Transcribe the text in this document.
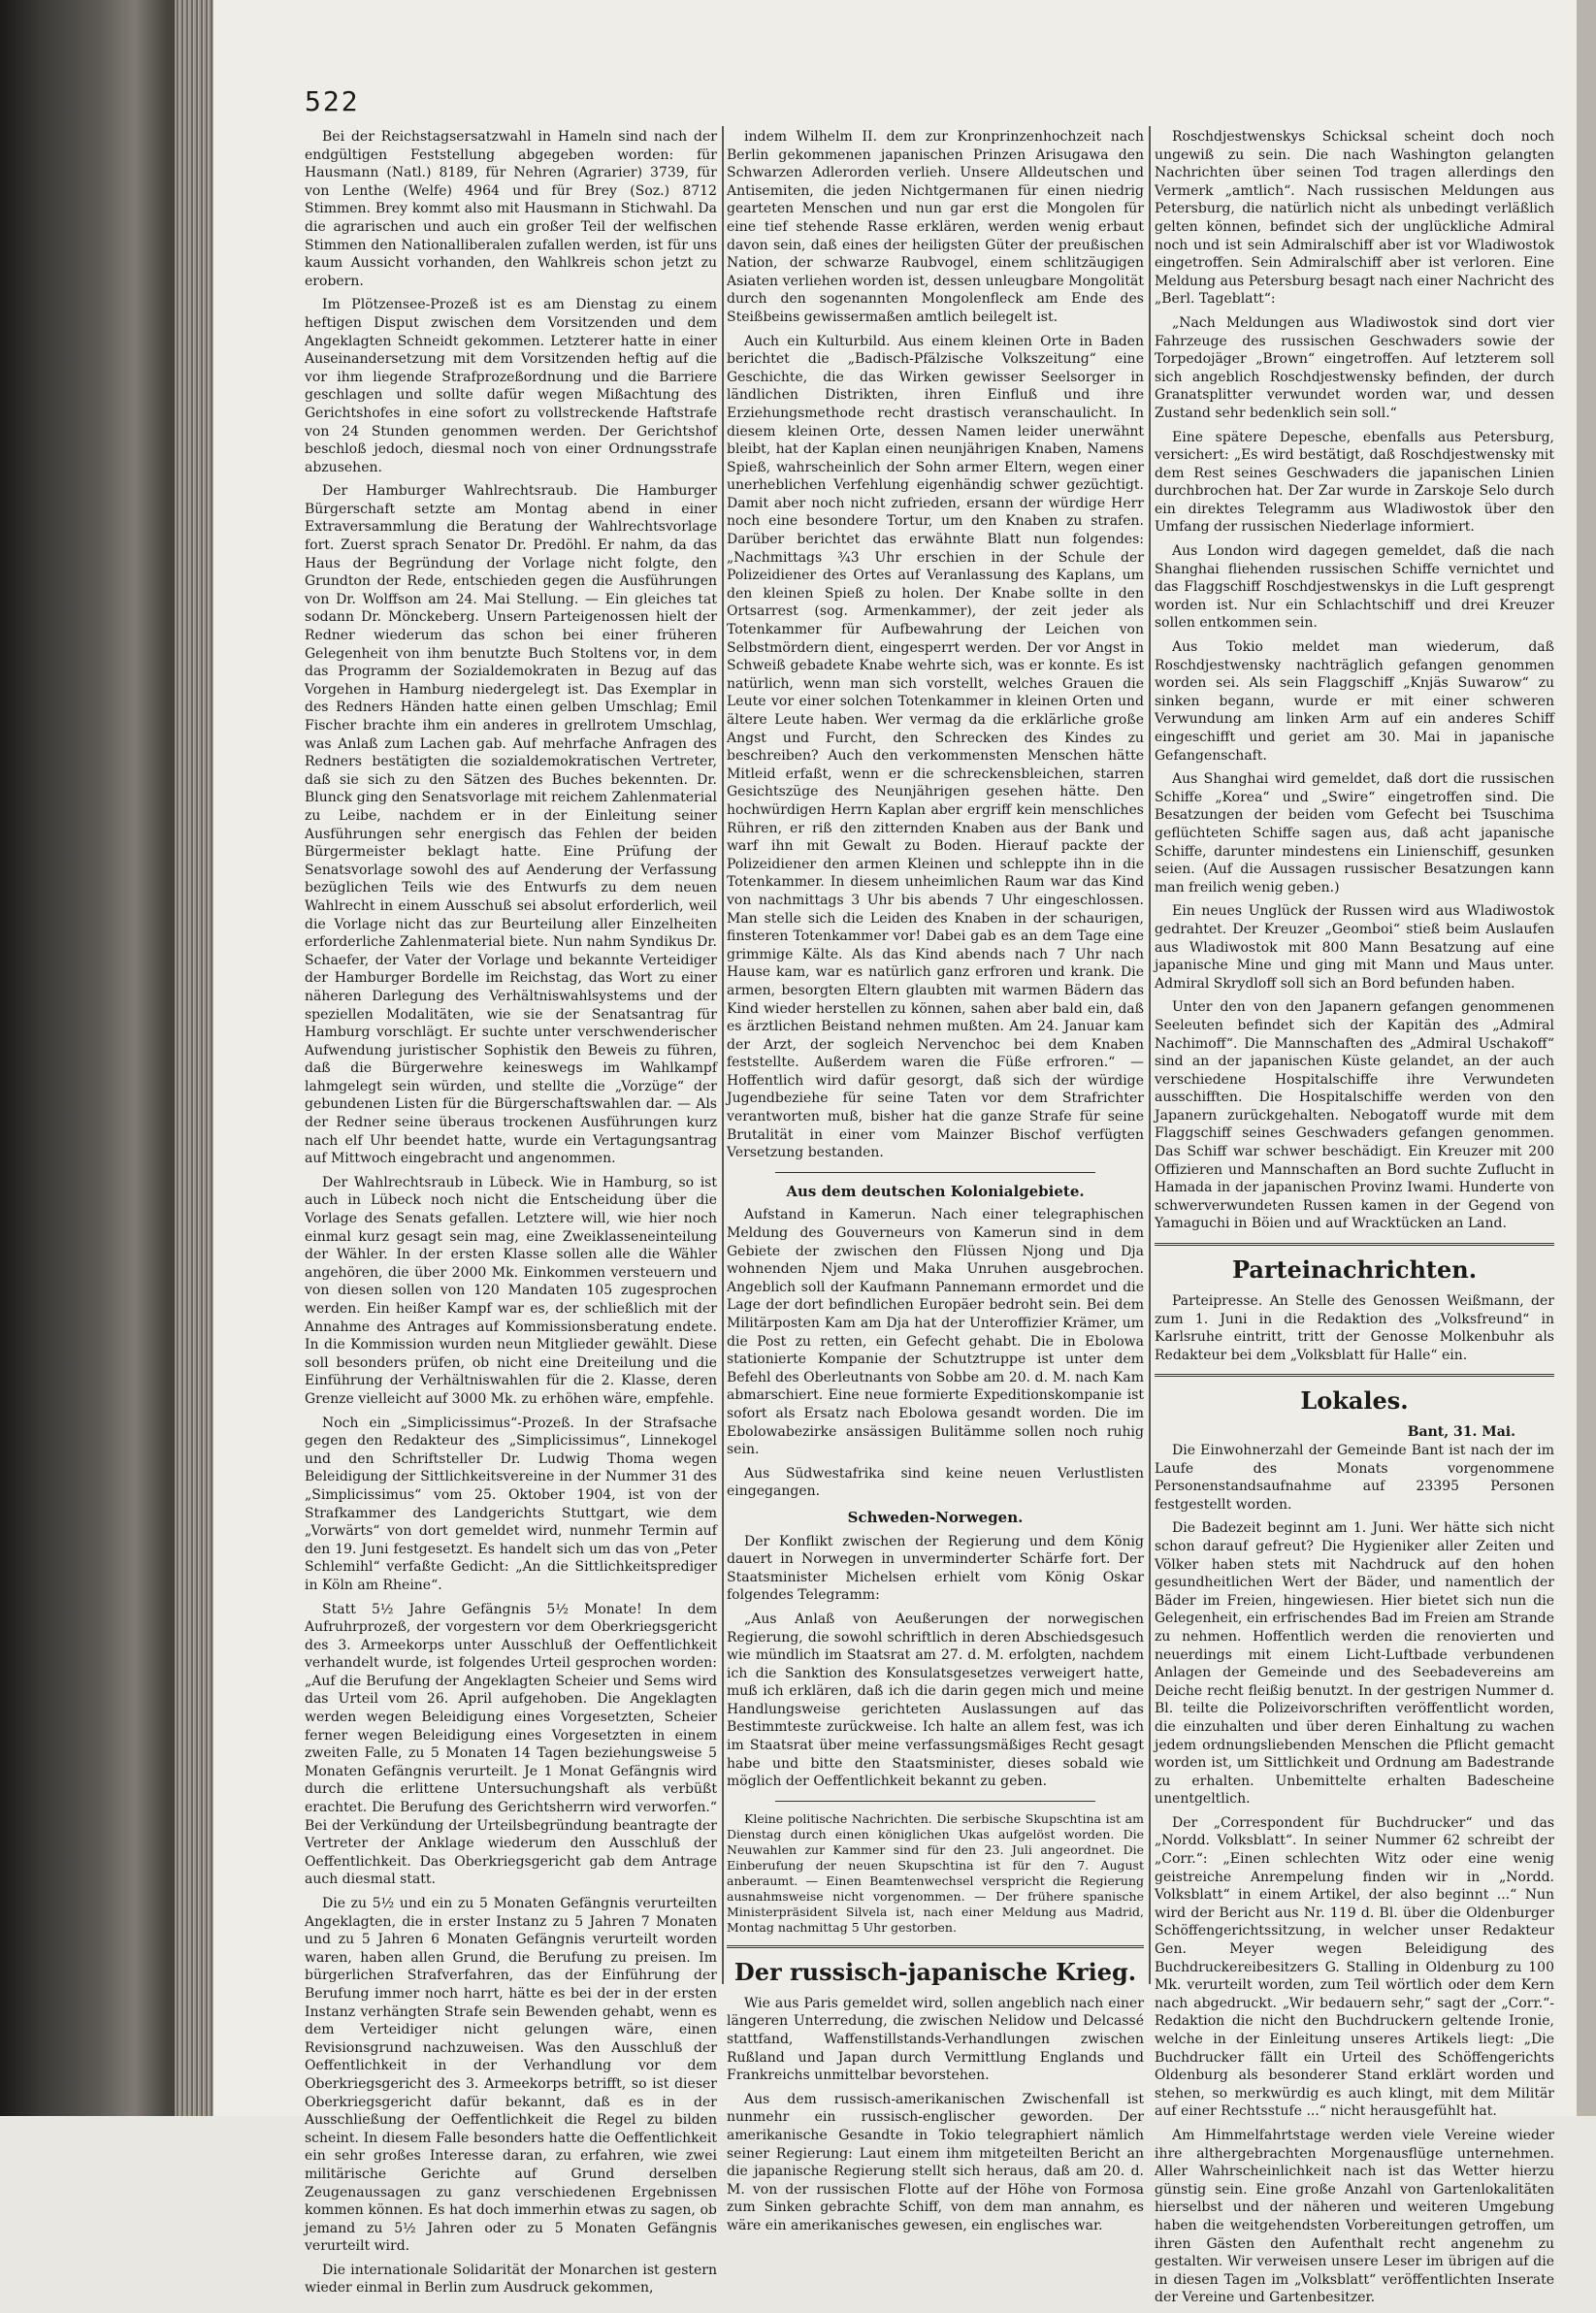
522

Bei der Reichstagsersatzwahl in Hameln sind nach der endgültigen Feststellung abgegeben worden: für Hausmann (Natl.) 8189, für Nehren (Agrarier) 3739, für von Lenthe (Welfe) 4964 und für Brey (Soz.) 8712 Stimmen. Brey kommt also mit Hausmann in Stichwahl. Da die agrarischen und auch ein großer Teil der welfischen Stimmen den Nationalliberalen zufallen werden, ist für uns kaum Aussicht vorhanden, den Wahlkreis schon jetzt zu erobern.

Im Plötzensee-Prozeß ist es am Dienstag zu einem heftigen Disput zwischen dem Vorsitzenden und dem Angeklagten Schneidt gekommen. Letzterer hatte in einer Auseinandersetzung mit dem Vorsitzenden heftig auf die vor ihm liegende Strafprozeßordnung und die Barriere geschlagen und sollte dafür wegen Mißachtung des Gerichtshofes in eine sofort zu vollstreckende Haftstrafe von 24 Stunden genommen werden. Der Gerichtshof beschloß jedoch, diesmal noch von einer Ordnungsstrafe abzusehen.

Der Hamburger Wahlrechtsraub. Die Hamburger Bürgerschaft setzte am Montag abend in einer Extraversammlung die Beratung der Wahlrechtsvorlage fort. Zuerst sprach Senator Dr. Predöhl. Er nahm, da das Haus der Begründung der Vorlage nicht folgte, den Grundton der Rede, entschieden gegen die Ausführungen von Dr. Wolffson am 24. Mai Stellung. — Ein gleiches tat sodann Dr. Mönckeberg. Unsern Parteigenossen hielt der Redner wiederum das schon bei einer früheren Gelegenheit von ihm benutzte Buch Stoltens vor, in dem das Programm der Sozialdemokraten in Bezug auf das Vorgehen in Hamburg niedergelegt ist. Das Exemplar in des Redners Händen hatte einen gelben Umschlag; Emil Fischer brachte ihm ein anderes in grellrotem Umschlag, was Anlaß zum Lachen gab. Auf mehrfache Anfragen des Redners bestätigten die sozialdemokratischen Vertreter, daß sie sich zu den Sätzen des Buches bekennten. Dr. Blunck ging den Senatsvorlage mit reichem Zahlenmaterial zu Leibe, nachdem er in der Einleitung seiner Ausführungen sehr energisch das Fehlen der beiden Bürgermeister beklagt hatte. Eine Prüfung der Senatsvorlage sowohl des auf Aenderung der Verfassung bezüglichen Teils wie des Entwurfs zu dem neuen Wahlrecht in einem Ausschuß sei absolut erforderlich, weil die Vorlage nicht das zur Beurteilung aller Einzelheiten erforderliche Zahlenmaterial biete. Nun nahm Syndikus Dr. Schaefer, der Vater der Vorlage und bekannte Verteidiger der Hamburger Bordelle im Reichstag, das Wort zu einer näheren Darlegung des Verhältniswahlsystems und der speziellen Modalitäten, wie sie der Senatsantrag für Hamburg vorschlägt. Er suchte unter verschwenderischer Aufwendung juristischer Sophistik den Beweis zu führen, daß die Bürgerwehre keineswegs im Wahlkampf lahmgelegt sein würden, und stellte die „Vorzüge“ der gebundenen Listen für die Bürgerschaftswahlen dar. — Als der Redner seine überaus trockenen Ausführungen kurz nach elf Uhr beendet hatte, wurde ein Vertagungsantrag auf Mittwoch eingebracht und angenommen.

Der Wahlrechtsraub in Lübeck. Wie in Hamburg, so ist auch in Lübeck noch nicht die Entscheidung über die Vorlage des Senats gefallen. Letztere will, wie hier noch einmal kurz gesagt sein mag, eine Zweiklasseneinteilung der Wähler. In der ersten Klasse sollen alle die Wähler angehören, die über 2000 Mk. Einkommen versteuern und von diesen sollen von 120 Mandaten 105 zugesprochen werden. Ein heißer Kampf war es, der schließlich mit der Annahme des Antrages auf Kommissionsberatung endete. In die Kommission wurden neun Mitglieder gewählt. Diese soll besonders prüfen, ob nicht eine Dreiteilung und die Einführung der Verhältniswahlen für die 2. Klasse, deren Grenze vielleicht auf 3000 Mk. zu erhöhen wäre, empfehle.

Noch ein „Simplicissimus“-Prozeß. In der Strafsache gegen den Redakteur des „Simplicissimus“, Linnekogel und den Schriftsteller Dr. Ludwig Thoma wegen Beleidigung der Sittlichkeitsvereine in der Nummer 31 des „Simplicissimus“ vom 25. Oktober 1904, ist von der Strafkammer des Landgerichts Stuttgart, wie dem „Vorwärts“ von dort gemeldet wird, nunmehr Termin auf den 19. Juni festgesetzt. Es handelt sich um das von „Peter Schlemihl“ verfaßte Gedicht: „An die Sittlichkeitsprediger in Köln am Rheine“.

Statt 5½ Jahre Gefängnis 5½ Monate! In dem Aufruhrprozeß, der vorgestern vor dem Oberkriegsgericht des 3. Armeekorps unter Ausschluß der Oeffentlichkeit verhandelt wurde, ist folgendes Urteil gesprochen worden: „Auf die Berufung der Angeklagten Scheier und Sems wird das Urteil vom 26. April aufgehoben. Die Angeklagten werden wegen Beleidigung eines Vorgesetzten, Scheier ferner wegen Beleidigung eines Vorgesetzten in einem zweiten Falle, zu 5 Monaten 14 Tagen beziehungsweise 5 Monaten Gefängnis verurteilt. Je 1 Monat Gefängnis wird durch die erlittene Untersuchungshaft als verbüßt erachtet. Die Berufung des Gerichtsherrn wird verworfen.“ Bei der Verkündung der Urteilsbegründung beantragte der Vertreter der Anklage wiederum den Ausschluß der Oeffentlichkeit. Das Oberkriegsgericht gab dem Antrage auch diesmal statt.

Die zu 5½ und ein zu 5 Monaten Gefängnis verurteilten Angeklagten, die in erster Instanz zu 5 Jahren 7 Monaten und zu 5 Jahren 6 Monaten Gefängnis verurteilt worden waren, haben allen Grund, die Berufung zu preisen. Im bürgerlichen Strafverfahren, das der Einführung der Berufung immer noch harrt, hätte es bei der in der ersten Instanz verhängten Strafe sein Bewenden gehabt, wenn es dem Verteidiger nicht gelungen wäre, einen Revisionsgrund nachzuweisen. Was den Ausschluß der Oeffentlichkeit in der Verhandlung vor dem Oberkriegsgericht des 3. Armeekorps betrifft, so ist dieser Oberkriegsgericht dafür bekannt, daß es in der Ausschließung der Oeffentlichkeit die Regel zu bilden scheint. In diesem Falle besonders hatte die Oeffentlichkeit ein sehr großes Interesse daran, zu erfahren, wie zwei militärische Gerichte auf Grund derselben Zeugenaussagen zu ganz verschiedenen Ergebnissen kommen können. Es hat doch immerhin etwas zu sagen, ob jemand zu 5½ Jahren oder zu 5 Monaten Gefängnis verurteilt wird.

Die internationale Solidarität der Monarchen ist gestern wieder einmal in Berlin zum Ausdruck gekommen,

indem Wilhelm II. dem zur Kronprinzenhochzeit nach Berlin gekommenen japanischen Prinzen Arisugawa den Schwarzen Adlerorden verlieh. Unsere Alldeutschen und Antisemiten, die jeden Nichtgermanen für einen niedrig gearteten Menschen und nun gar erst die Mongolen für eine tief stehende Rasse erklären, werden wenig erbaut davon sein, daß eines der heiligsten Güter der preußischen Nation, der schwarze Raubvogel, einem schlitzäugigen Asiaten verliehen worden ist, dessen unleugbare Mongolität durch den sogenannten Mongolenfleck am Ende des Steißbeins gewissermaßen amtlich beilegelt ist.

Auch ein Kulturbild. Aus einem kleinen Orte in Baden berichtet die „Badisch-Pfälzische Volkszeitung“ eine Geschichte, die das Wirken gewisser Seelsorger in ländlichen Distrikten, ihren Einfluß und ihre Erziehungsmethode recht drastisch veranschaulicht. In diesem kleinen Orte, dessen Namen leider unerwähnt bleibt, hat der Kaplan einen neunjährigen Knaben, Namens Spieß, wahrscheinlich der Sohn armer Eltern, wegen einer unerheblichen Verfehlung eigenhändig schwer gezüchtigt. Damit aber noch nicht zufrieden, ersann der würdige Herr noch eine besondere Tortur, um den Knaben zu strafen. Darüber berichtet das erwähnte Blatt nun folgendes: „Nachmittags ¾3 Uhr erschien in der Schule der Polizeidiener des Ortes auf Veranlassung des Kaplans, um den kleinen Spieß zu holen. Der Knabe sollte in den Ortsarrest (sog. Armenkammer), der zeit jeder als Totenkammer für Aufbewahrung der Leichen von Selbstmördern dient, eingesperrt werden. Der vor Angst in Schweiß gebadete Knabe wehrte sich, was er konnte. Es ist natürlich, wenn man sich vorstellt, welches Grauen die Leute vor einer solchen Totenkammer in kleinen Orten und ältere Leute haben. Wer vermag da die erklärliche große Angst und Furcht, den Schrecken des Kindes zu beschreiben? Auch den verkommensten Menschen hätte Mitleid erfaßt, wenn er die schreckensbleichen, starren Gesichtszüge des Neunjährigen gesehen hätte. Den hochwürdigen Herrn Kaplan aber ergriff kein menschliches Rühren, er riß den zitternden Knaben aus der Bank und warf ihn mit Gewalt zu Boden. Hierauf packte der Polizeidiener den armen Kleinen und schleppte ihn in die Totenkammer. In diesem unheimlichen Raum war das Kind von nachmittags 3 Uhr bis abends 7 Uhr eingeschlossen. Man stelle sich die Leiden des Knaben in der schaurigen, finsteren Totenkammer vor! Dabei gab es an dem Tage eine grimmige Kälte. Als das Kind abends nach 7 Uhr nach Hause kam, war es natürlich ganz erfroren und krank. Die armen, besorgten Eltern glaubten mit warmen Bädern das Kind wieder herstellen zu können, sahen aber bald ein, daß es ärztlichen Beistand nehmen mußten. Am 24. Januar kam der Arzt, der sogleich Nervenchoc bei dem Knaben feststellte. Außerdem waren die Füße erfroren.“ — Hoffentlich wird dafür gesorgt, daß sich der würdige Jugendbeziehe für seine Taten vor dem Strafrichter verantworten muß, bisher hat die ganze Strafe für seine Brutalität in einer vom Mainzer Bischof verfügten Versetzung bestanden.

Aus dem deutschen Kolonialgebiete.

Aufstand in Kamerun. Nach einer telegraphischen Meldung des Gouverneurs von Kamerun sind in dem Gebiete der zwischen den Flüssen Njong und Dja wohnenden Njem und Maka Unruhen ausgebrochen. Angeblich soll der Kaufmann Pannemann ermordet und die Lage der dort befindlichen Europäer bedroht sein. Bei dem Militärposten Kam am Dja hat der Unteroffizier Krämer, um die Post zu retten, ein Gefecht gehabt. Die in Ebolowa stationierte Kompanie der Schutztruppe ist unter dem Befehl des Oberleutnants von Sobbe am 20. d. M. nach Kam abmarschiert. Eine neue formierte Expeditionskompanie ist sofort als Ersatz nach Ebolowa gesandt worden. Die im Ebolowabezirke ansässigen Bulitämme sollen noch ruhig sein.

Aus Südwestafrika sind keine neuen Verlustlisten eingegangen.

Schweden-Norwegen.

Der Konflikt zwischen der Regierung und dem König dauert in Norwegen in unverminderter Schärfe fort. Der Staatsminister Michelsen erhielt vom König Oskar folgendes Telegramm:

„Aus Anlaß von Aeußerungen der norwegischen Regierung, die sowohl schriftlich in deren Abschiedsgesuch wie mündlich im Staatsrat am 27. d. M. erfolgten, nachdem ich die Sanktion des Konsulatsgesetzes verweigert hatte, muß ich erklären, daß ich die darin gegen mich und meine Handlungsweise gerichteten Auslassungen auf das Bestimmteste zurückweise. Ich halte an allem fest, was ich im Staatsrat über meine verfassungsmäßiges Recht gesagt habe und bitte den Staatsminister, dieses sobald wie möglich der Oeffentlichkeit bekannt zu geben.

Kleine politische Nachrichten. Die serbische Skupschtina ist am Dienstag durch einen königlichen Ukas aufgelöst worden. Die Neuwahlen zur Kammer sind für den 23. Juli angeordnet. Die Einberufung der neuen Skupschtina ist für den 7. August anberaumt. — Einen Beamtenwechsel verspricht die Regierung ausnahmsweise nicht vorgenommen. — Der frühere spanische Ministerpräsident Silvela ist, nach einer Meldung aus Madrid, Montag nachmittag 5 Uhr gestorben.

Der russisch-japanische Krieg.

Wie aus Paris gemeldet wird, sollen angeblich nach einer längeren Unterredung, die zwischen Nelidow und Delcassé stattfand, Waffenstillstands-Verhandlungen zwischen Rußland und Japan durch Vermittlung Englands und Frankreichs unmittelbar bevorstehen.

Aus dem russisch-amerikanischen Zwischenfall ist nunmehr ein russisch-englischer geworden. Der amerikanische Gesandte in Tokio telegraphiert nämlich seiner Regierung: Laut einem ihm mitgeteilten Bericht an die japanische Regierung stellt sich heraus, daß am 20. d. M. von der russischen Flotte auf der Höhe von Formosa zum Sinken gebrachte Schiff, von dem man annahm, es wäre ein amerikanisches gewesen, ein englisches war.

Roschdjestwenskys Schicksal scheint doch noch ungewiß zu sein. Die nach Washington gelangten Nachrichten über seinen Tod tragen allerdings den Vermerk „amtlich“. Nach russischen Meldungen aus Petersburg, die natürlich nicht als unbedingt verläßlich gelten können, befindet sich der unglückliche Admiral noch und ist sein Admiralschiff aber ist vor Wladiwostok eingetroffen. Sein Admiralschiff aber ist verloren. Eine Meldung aus Petersburg besagt nach einer Nachricht des „Berl. Tageblatt“:

„Nach Meldungen aus Wladiwostok sind dort vier Fahrzeuge des russischen Geschwaders sowie der Torpedojäger „Brown“ eingetroffen. Auf letzterem soll sich angeblich Roschdjestwensky befinden, der durch Granatsplitter verwundet worden war, und dessen Zustand sehr bedenklich sein soll.“

Eine spätere Depesche, ebenfalls aus Petersburg, versichert: „Es wird bestätigt, daß Roschdjestwensky mit dem Rest seines Geschwaders die japanischen Linien durchbrochen hat. Der Zar wurde in Zarskoje Selo durch ein direktes Telegramm aus Wladiwostok über den Umfang der russischen Niederlage informiert.

Aus London wird dagegen gemeldet, daß die nach Shanghai fliehenden russischen Schiffe vernichtet und das Flaggschiff Roschdjestwenskys in die Luft gesprengt worden ist. Nur ein Schlachtschiff und drei Kreuzer sollen entkommen sein.

Aus Tokio meldet man wiederum, daß Roschdjestwensky nachträglich gefangen genommen worden sei. Als sein Flaggschiff „Knjäs Suwarow“ zu sinken begann, wurde er mit einer schweren Verwundung am linken Arm auf ein anderes Schiff eingeschifft und geriet am 30. Mai in japanische Gefangenschaft.

Aus Shanghai wird gemeldet, daß dort die russischen Schiffe „Korea“ und „Swire“ eingetroffen sind. Die Besatzungen der beiden vom Gefecht bei Tsuschima geflüchteten Schiffe sagen aus, daß acht japanische Schiffe, darunter mindestens ein Linienschiff, gesunken seien. (Auf die Aussagen russischer Besatzungen kann man freilich wenig geben.)

Ein neues Unglück der Russen wird aus Wladiwostok gedrahtet. Der Kreuzer „Geomboi“ stieß beim Auslaufen aus Wladiwostok mit 800 Mann Besatzung auf eine japanische Mine und ging mit Mann und Maus unter. Admiral Skrydloff soll sich an Bord befunden haben.

Unter den von den Japanern gefangen genommenen Seeleuten befindet sich der Kapitän des „Admiral Nachimoff“. Die Mannschaften des „Admiral Uschakoff“ sind an der japanischen Küste gelandet, an der auch verschiedene Hospitalschiffe ihre Verwundeten ausschifften. Die Hospitalschiffe werden von den Japanern zurückgehalten. Nebogatoff wurde mit dem Flaggschiff seines Geschwaders gefangen genommen. Das Schiff war schwer beschädigt. Ein Kreuzer mit 200 Offizieren und Mannschaften an Bord suchte Zuflucht in Hamada in der japanischen Provinz Iwami. Hunderte von schwerverwundeten Russen kamen in der Gegend von Yamaguchi in Böien und auf Wracktücken an Land.

Parteinachrichten.

Parteipresse. An Stelle des Genossen Weißmann, der zum 1. Juni in die Redaktion des „Volksfreund“ in Karlsruhe eintritt, tritt der Genosse Molkenbuhr als Redakteur bei dem „Volksblatt für Halle“ ein.

Lokales.
Bant, 31. Mai.

Die Einwohnerzahl der Gemeinde Bant ist nach der im Laufe des Monats vorgenommene Personenstandsaufnahme auf 23395 Personen festgestellt worden.

Die Badezeit beginnt am 1. Juni. Wer hätte sich nicht schon darauf gefreut? Die Hygieniker aller Zeiten und Völker haben stets mit Nachdruck auf den hohen gesundheitlichen Wert der Bäder, und namentlich der Bäder im Freien, hingewiesen. Hier bietet sich nun die Gelegenheit, ein erfrischendes Bad im Freien am Strande zu nehmen. Hoffentlich werden die renovierten und neuerdings mit einem Licht-Luftbade verbundenen Anlagen der Gemeinde und des Seebadevereins am Deiche recht fleißig benutzt. In der gestrigen Nummer d. Bl. teilte die Polizeivorschriften veröffentlicht worden, die einzuhalten und über deren Einhaltung zu wachen jedem ordnungsliebenden Menschen die Pflicht gemacht worden ist, um Sittlichkeit und Ordnung am Badestrande zu erhalten. Unbemittelte erhalten Badescheine unentgeltlich.

Der „Correspondent für Buchdrucker“ und das „Nordd. Volksblatt“. In seiner Nummer 62 schreibt der „Corr.“: „Einen schlechten Witz oder eine wenig geistreiche Anrempelung finden wir in „Nordd. Volksblatt“ in einem Artikel, der also beginnt ...“ Nun wird der Bericht aus Nr. 119 d. Bl. über die Oldenburger Schöffengerichtssitzung, in welcher unser Redakteur Gen. Meyer wegen Beleidigung des Buchdruckereibesitzers G. Stalling in Oldenburg zu 100 Mk. verurteilt worden, zum Teil wörtlich oder dem Kern nach abgedruckt. „Wir bedauern sehr,“ sagt der „Corr.“-Redaktion die nicht den Buchdruckern geltende Ironie, welche in der Einleitung unseres Artikels liegt: „Die Buchdrucker fällt ein Urteil des Schöffengerichts Oldenburg als besonderer Stand erklärt worden und stehen, so merkwürdig es auch klingt, mit dem Militär auf einer Rechtsstufe ...“ nicht herausgefühlt hat.

Am Himmelfahrtstage werden viele Vereine wieder ihre althergebrachten Morgenausflüge unternehmen. Aller Wahrscheinlichkeit nach ist das Wetter hierzu günstig sein. Eine große Anzahl von Gartenlokalitäten hierselbst und der näheren und weiteren Umgebung haben die weitgehendsten Vorbereitungen getroffen, um ihren Gästen den Aufenthalt recht angenehm zu gestalten. Wir verweisen unsere Leser im übrigen auf die in diesen Tagen im „Volksblatt“ veröffentlichten Inserate der Vereine und Gartenbesitzer.
